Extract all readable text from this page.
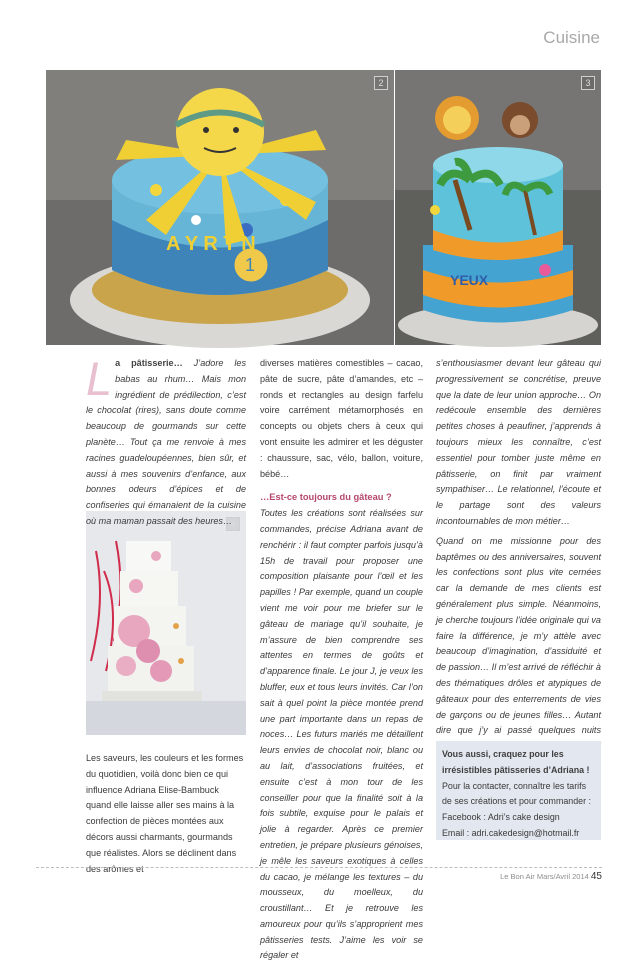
Cuisine
1
A Y R T N
2
YEUX
3
4
L a pâtisserie… J’adore les babas au rhum… Mais mon ingrédient de prédilection, c’est le chocolat (rires), sans doute comme beaucoup de gourmands sur cette planète… Tout ça me renvoie à mes racines guadeloupéennes, bien sûr, et aussi à mes souvenirs d’enfance, aux bonnes odeurs d’épices et de confiseries qui émanaient de la cuisine où ma maman passait des heures…

Les saveurs, les couleurs et les formes du quotidien, voilà donc bien ce qui influence Adriana Elise-Bambuck quand elle laisse aller ses mains à la confection de pièces montées aux décors aussi charmants, gourmands que réalistes. Alors se déclinent dans des arômes et

diverses matières comestibles – cacao, pâte de sucre, pâte d’amandes, etc – ronds et rectangles au design farfelu voire carrément métamorphosés en concepts ou objets chers à ceux qui vont ensuite les admirer et les déguster : chaussure, sac, vélo, ballon, voiture, bébé…

…Est-ce toujours du gâteau ?

Toutes les créations sont réalisées sur commandes, précise Adriana avant de renchérir : il faut compter parfois jusqu’à 15h de travail pour proposer une composition plaisante pour l’œil et les papilles ! Par exemple, quand un couple vient me voir pour me briefer sur le gâteau de mariage qu’il souhaite, je m’assure de bien comprendre ses attentes en termes de goûts et d’apparence finale. Le jour J, je veux les bluffer, eux et tous leurs invités. Car l’on sait à quel point la pièce montée prend une part importante dans un repas de noces… Les futurs mariés me détaillent leurs envies de chocolat noir, blanc ou au lait, d’associations fruitées, et ensuite c’est à mon tour de les conseiller pour que la finalité soit à la fois subtile, exquise pour le palais et jolie à regarder. Après ce premier entretien, je prépare plusieurs génoises, je mêle les saveurs exotiques à celles du cacao, je mélange les textures – du mousseux, du moelleux, du croustillant… Et je retrouve les amoureux pour qu’ils s’approprient mes pâtisseries tests. J’aime les voir se régaler et

s’enthousiasmer devant leur gâteau qui progressivement se concrétise, preuve que la date de leur union approche… On redécoule ensemble des dernières petites choses à peaufiner, j’apprends à toujours mieux les connaître, c’est essentiel pour tomber juste même en pâtisserie, on finit par vraiment sympathiser… Le relationnel, l’écoute et le partage sont des valeurs incontournables de mon métier…

Quand on me missionne pour des baptêmes ou des anniversaires, souvent les confections sont plus vite cernées car la demande de mes clients est généralement plus simple. Néanmoins, je cherche toujours l’idée originale qui va faire la différence, je m’y attèle avec beaucoup d’imagination, d’assiduité et de passion… Il m’est arrivé de réfléchir à des thématiques drôles et atypiques de gâteaux pour des enterrements de vies de garçons ou de jeunes filles… Autant dire que j’y ai passé quelques nuits

Vous aussi, craquez pour les irrésistibles pâtisseries d’Adriana !
Pour la contacter, connaître les tarifs de ses créations et pour commander :
Facebook : Adri’s cake design
Email : adri.cakedesign@hotmail.fr
Le Bon Air Mars/Avril 2014 45
